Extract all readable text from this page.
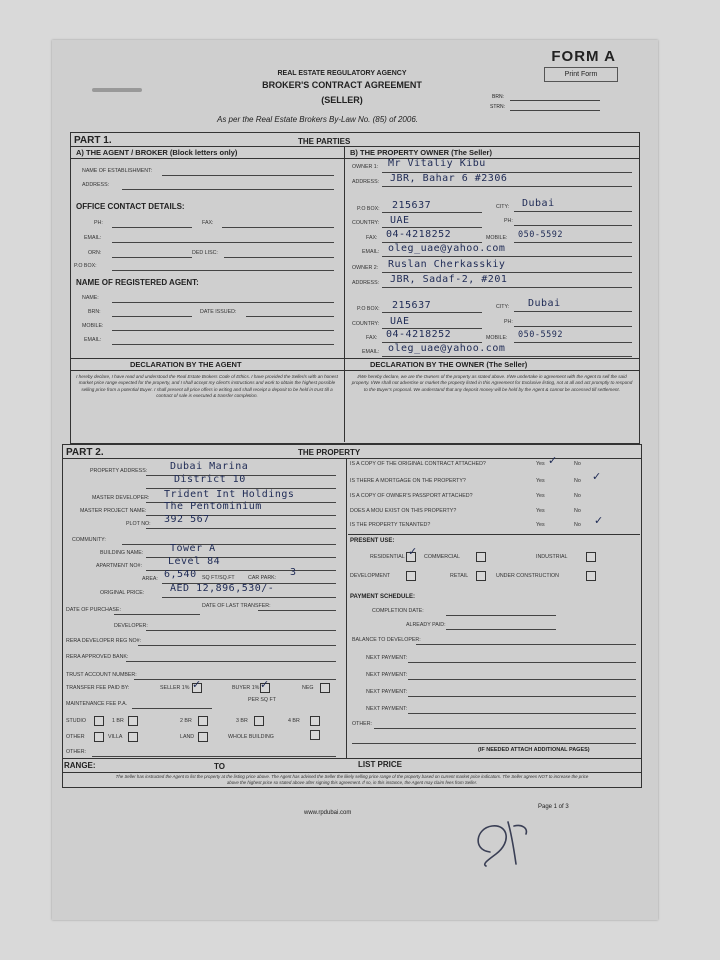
FORM A
Print Form
REAL ESTATE REGULATORY AGENCY
BROKER'S CONTRACT AGREEMENT
(SELLER)
As per the Real Estate Brokers By-Law No. (85) of 2006.
BRN:
STRN:
PART 1.	THE PARTIES
A) THE AGENT / BROKER (Block letters only)	B) THE PROPERTY OWNER (The Seller)
NAME OF ESTABLISHMENT:
ADDRESS:
OFFICE CONTACT DETAILS:
PH:	FAX:
EMAIL:
ORN:	DED LISC:
P.O BOX:
NAME OF REGISTERED AGENT:
NAME:
BRN:	DATE ISSUED:
MOBILE:
EMAIL:
OWNER 1: Mr Vitaliy Kibu
ADDRESS: JBR, Bahar 6 #2306
P.O BOX: 215637	CITY: Dubai
PH:
COUNTRY: UAE
FAX: 04-4218252	MOBILE: 050-5592
EMAIL: oleg_uae@yahoo.com
OWNER 2: Ruslan Cherkasskiy
ADDRESS: JBR, Sadaf-2, #201
P.O BOX: 215637	CITY: Dubai
PH:
COUNTRY: UAE
FAX: 04-4218252	MOBILE: 050-5592
EMAIL: oleg_uae@yahoo.com
DECLARATION BY THE AGENT	DECLARATION BY THE OWNER (The Seller)
I hereby declare, I have read and understood the Real Estate Brokers Code of Ethics. I have provided the Seller/s with an honest market price range expected for the property, and I shall accept my client's instructions and work to obtain the highest possible selling price from a potential Buyer. I shall present all price offers in writing and shall receipt a deposit to be held in trust till a contract of sale is executed & transfer completion.
I/We hereby declare, we are the Owners of the property as stated above. I/We undertake in agreement with the Agent to sell the said property. I/We shall not advertise or market the property listed in this Agreement for Exclusive listing, not at all and act promptly to respond to the Buyer's proposal. We understand that any deposit money will be held by the Agent & cannot be accessed till settlement.
PART 2.	THE PROPERTY
PROPERTY ADDRESS: Dubai Marina
District 10
MASTER DEVELOPER: Trident Int Holdings
MASTER PROJECT NAME: The Pentominium
PLOT NO: 392 567
COMMUNITY:
BUILDING NAME:	Tower A
APARTMENT NO#:	Level 84
AREA: 6,540 SQ FT/SQ.FT	CAR PARK: 3
ORIGINAL PRICE:	AED 12,896,530/-
DATE OF PURCHASE:
DATE OF LAST TRANSFER:
DEVELOPER:
RERA DEVELOPER REG NO#:
RERA APPROVED BANK:
TRUST ACCOUNT NUMBER:
TRANSFER FEE PAID BY:	SELLER 1% ✓	BUYER 1% ✓	NEG
MAINTENANCE FEE P.A.
PER SQ FT
STUDIO	1 BR	2 BR	3 BR	4 BR
OTHER	VILLA	LAND	WHOLE BUILDING
OTHER:
IS A COPY OF THE ORIGINAL CONTRACT ATTACHED?	Yes ✓	No
IS THERE A MORTGAGE ON THE PROPERTY?	Yes	No ✓
IS A COPY OF OWNER'S PASSPORT ATTACHED?	Yes	No
DOES A MOU EXIST ON THIS PROPERTY?	Yes	No
IS THE PROPERTY TENANTED?	Yes	No ✓
PRESENT USE:
RESIDENTIAL ✓ COMMERCIAL	INDUSTRIAL
DEVELOPMENT	RETAIL	UNDER CONSTRUCTION
PAYMENT SCHEDULE:
COMPLETION DATE:
ALREADY PAID:
BALANCE TO DEVELOPER:
NEXT PAYMENT:
NEXT PAYMENT:
NEXT PAYMENT:
NEXT PAYMENT:
OTHER:
(IF NEEDED ATTACH ADDITIONAL PAGES)
RANGE:	TO	LIST PRICE
The Seller has instructed the Agent to list the property at the listing price above. The Agent has advised the Seller the likely selling price range of the property based on current market price indicators. The Seller agrees NOT to increase the price above the highest price so stated above after signing this agreement. If so, in this instance, the Agent may claim fees from Seller.
www.rpdubai.com
Page 1 of 3
